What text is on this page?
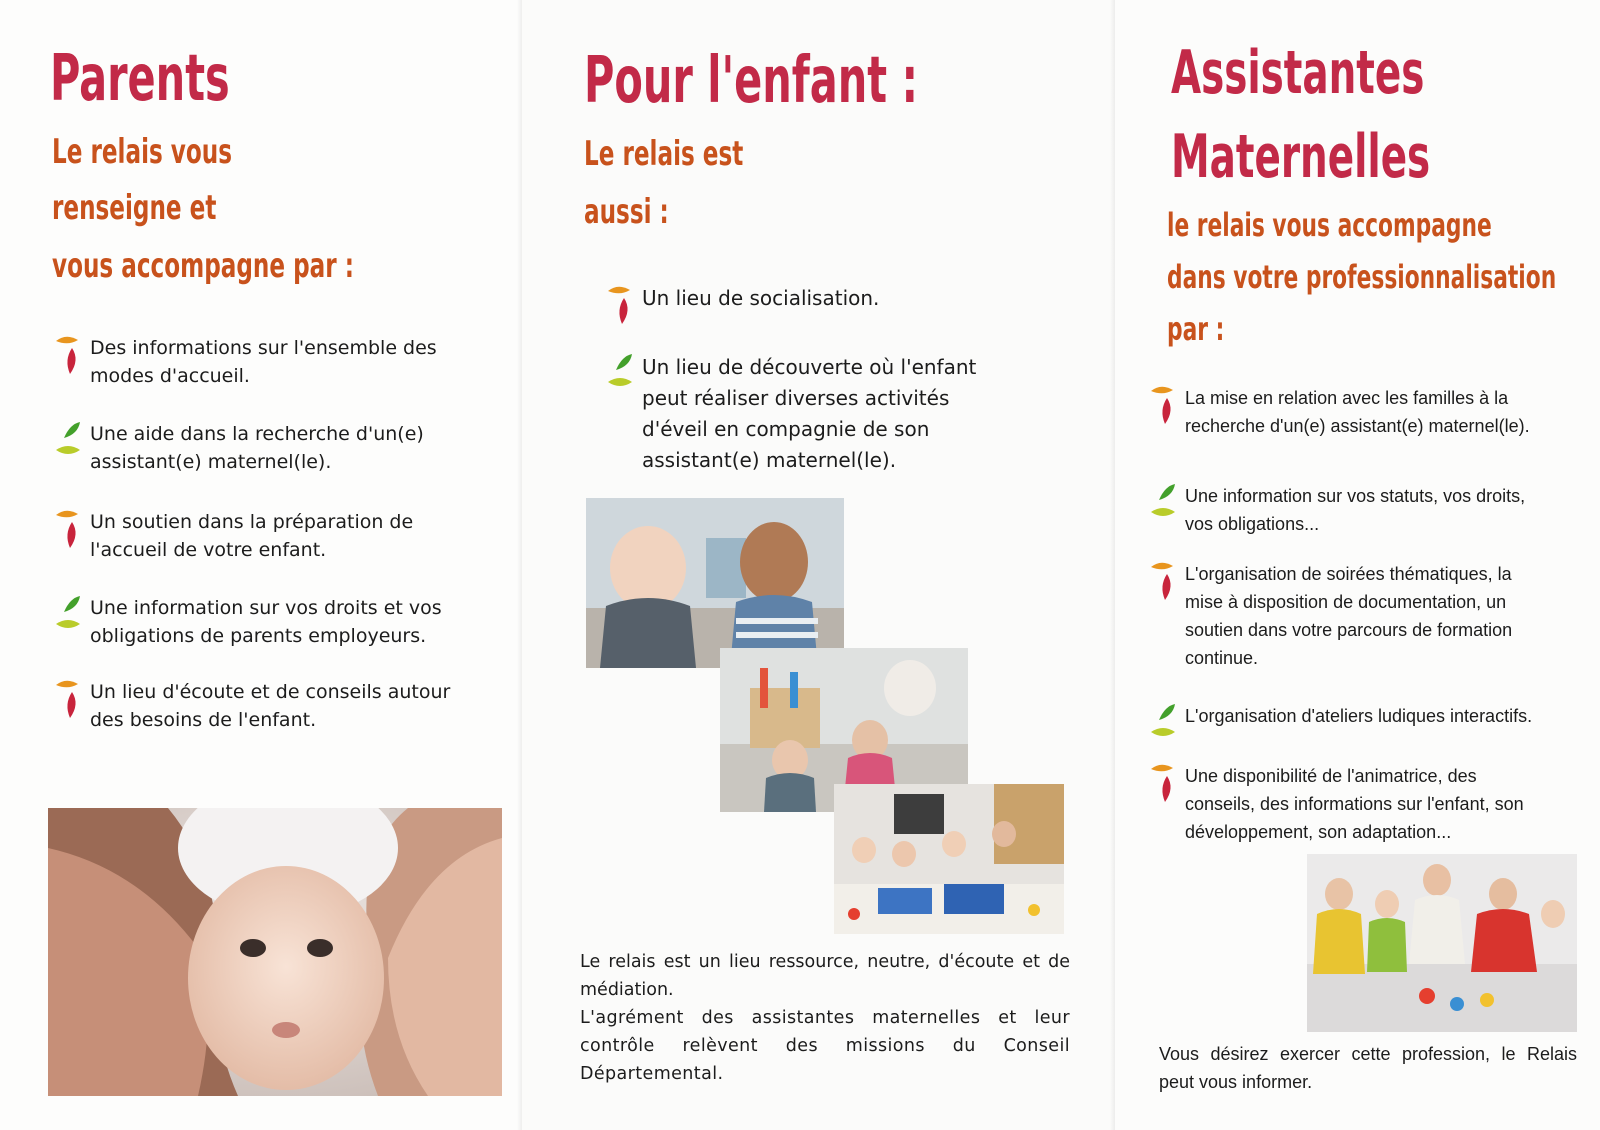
Parents

Le relais vous

renseigne et

vous accompagne par :

Des informations sur l'ensemble des modes d'accueil.

Une aide dans la recherche d'un(e) assistant(e) maternel(le).

Un soutien dans la préparation de l'accueil de votre enfant.

Une information sur vos droits et vos obligations de parents employeurs.

Un lieu d'écoute et de conseils autour des besoins de l'enfant.

Pour l'enfant :

Le relais est

aussi :

Un lieu de socialisation.

Un lieu de découverte où l'enfant peut réaliser diverses activités d'éveil en compagnie de son assistant(e) maternel(le).

Le relais est un lieu ressource, neutre, d'écoute et de médiation.

L'agrément des assistantes maternelles et leur contrôle relèvent des missions du Conseil Départemental.

Assistantes
Maternelles

le relais vous accompagne

dans votre professionnalisation

par :

La mise en relation avec les familles à la recherche d'un(e) assistant(e) maternel(le).

Une information sur vos statuts, vos droits, vos obligations...

L'organisation de soirées thématiques, la mise à disposition de documentation, un soutien dans votre parcours de formation continue.

L'organisation d'ateliers ludiques interactifs.

Une disponibilité de l'animatrice, des conseils, des informations sur l'enfant, son développement, son adaptation...

Vous désirez exercer cette profession, le Relais peut vous informer.
